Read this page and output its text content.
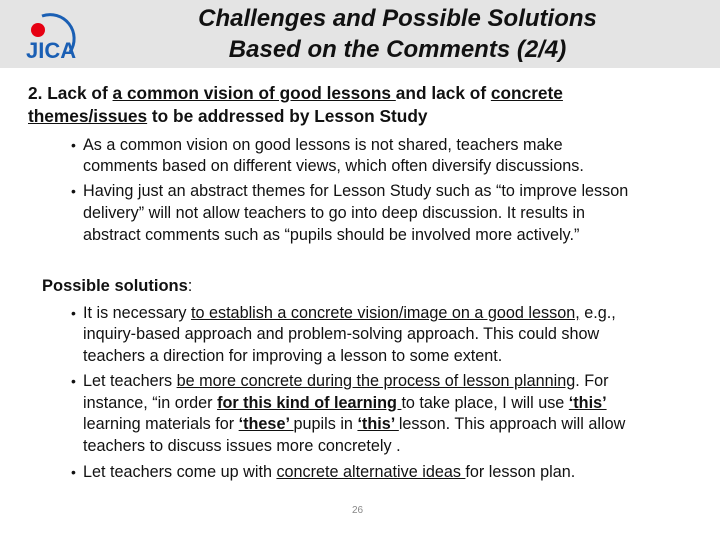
JICA
Challenges and Possible Solutions
Based on the Comments (2/4)
2. Lack of a common vision of good lessons and lack of concrete
themes/issues to be addressed by Lesson Study
• As a common vision on good lessons is not shared, teachers make
comments based on different views, which often diversify discussions.
• Having just an abstract themes for Lesson Study such as “to improve lesson
delivery” will not allow teachers to go into deep discussion. It results in
abstract comments such as “pupils should be involved more actively.”
• It is necessary to establish a concrete vision/image on a good lesson, e.g.,
inquiry-based approach and problem-solving approach. This could show
teachers a direction for improving a lesson to some extent.
• Let teachers be more concrete during the process of lesson planning. For
instance, “in order for this kind of learning to take place, I will use ‘this’
learning materials for ‘these’ pupils in ‘this’ lesson. This approach will allow
teachers to discuss issues more concretely .
• Let teachers come up with concrete alternative ideas for lesson plan.
Possible solutions:
26
